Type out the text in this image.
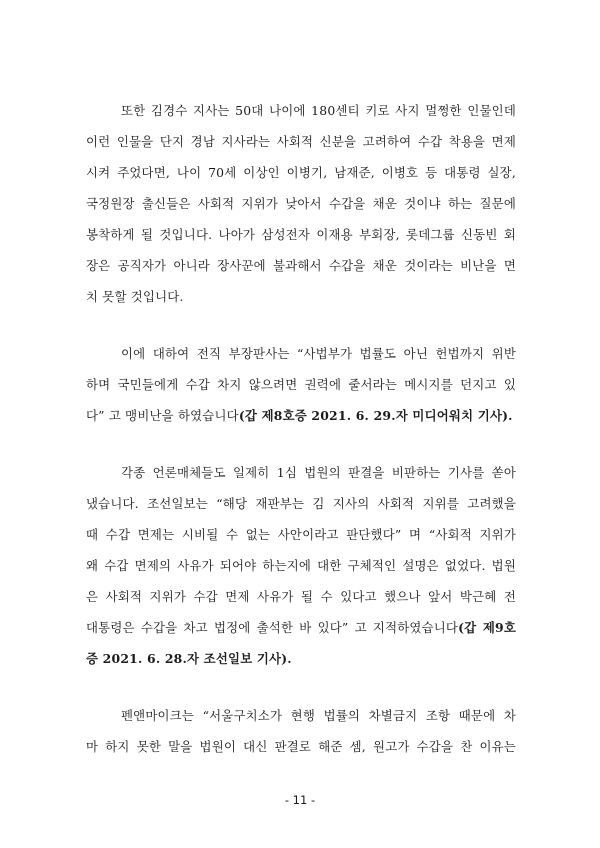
또한 김경수 지사는 50대 나이에 180센티 키로 사지 멀쩡한 인물인데
이런 인물을 단지 경남 지사라는 사회적 신분을 고려하여 수갑 착용을 면제
시켜 주었다면, 나이 70세 이상인 이병기, 남재준, 이병호 등 대통령 실장,
국정원장 출신들은 사회적 지위가 낮아서 수갑을 채운 것이냐 하는 질문에
봉착하게 될 것입니다. 나아가 삼성전자 이재용 부회장, 롯데그룹 신동빈 회
장은 공직자가 아니라 장사꾼에 불과해서 수갑을 채운 것이라는 비난을 면
치 못할 것입니다.
이에 대하여 전직 부장판사는 “사법부가 법률도 아닌 헌법까지 위반
하며 국민들에게 수갑 차지 않으려면 권력에 줄서라는 메시지를 던지고 있
다” 고 맹비난을 하였습니다(갑 제8호증 2021. 6. 29.자 미디어워치 기사).
각종 언론매체들도 일제히 1심 법원의 판결을 비판하는 기사를 쏟아
냈습니다. 조선일보는 “해당 재판부는 김 지사의 사회적 지위를 고려했을
때 수갑 면제는 시비될 수 없는 사안이라고 판단했다” 며 “사회적 지위가
왜 수갑 면제의 사유가 되어야 하는지에 대한 구체적인 설명은 없었다. 법원
은 사회적 지위가 수갑 면제 사유가 될 수 있다고 했으나 앞서 박근혜 전
대통령은 수갑을 차고 법정에 출석한 바 있다” 고 지적하였습니다(갑 제9호
증 2021. 6. 28.자 조선일보 기사).
펜앤마이크는 “서울구치소가 현행 법률의 차별금지 조항 때문에 차
마 하지 못한 말을 법원이 대신 판결로 해준 셈, 원고가 수갑을 찬 이유는
- 11 -
